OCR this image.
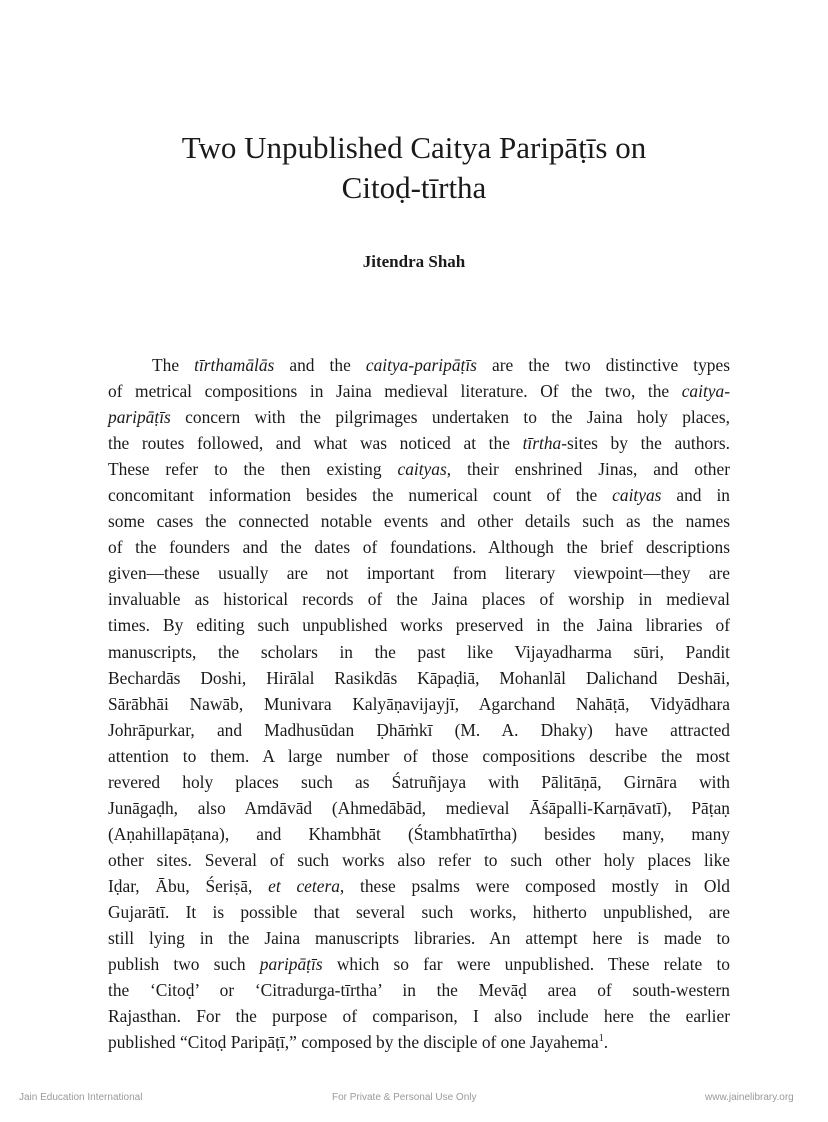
Two Unpublished Caitya Paripāṭīs on
Citoḍ-tīrtha
Jitendra Shah
The tīrthamālās and the caitya-paripāṭīs are the two distinctive types
of metrical compositions in Jaina medieval literature. Of the two, the caitya-
paripāṭīs concern with the pilgrimages undertaken to the Jaina holy places,
the routes followed, and what was noticed at the tīrtha-sites by the authors.
These refer to the then existing caityas, their enshrined Jinas, and other
concomitant information besides the numerical count of the caityas and in
some cases the connected notable events and other details such as the names
of the founders and the dates of foundations. Although the brief descriptions
given—these usually are not important from literary viewpoint—they are
invaluable as historical records of the Jaina places of worship in medieval
times. By editing such unpublished works preserved in the Jaina libraries of
manuscripts, the scholars in the past like Vijayadharma sūri, Pandit
Bechardās Doshi, Hirālal Rasikdās Kāpaḍiā, Mohanlāl Dalichand Deshāi,
Sārābhāi Nawāb, Munivara Kalyāṇavijayjī, Agarchand Nahāṭā, Vidyādhara
Johrāpurkar, and Madhusūdan Ḍhāṁkī (M. A. Dhaky) have attracted
attention to them. A large number of those compositions describe the most
revered holy places such as Śatruñjaya with Pālitāṇā, Girnāra with
Junāgaḍh, also Amdāvād (Ahmedābād, medieval Āśāpalli-Karṇāvatī), Pāṭaṇ
(Aṇahillapāṭana), and Khambhāt (Śtambhatīrtha) besides many, many
other sites. Several of such works also refer to such other holy places like
Iḍar, Ābu, Śeriṣā, et cetera, these psalms were composed mostly in Old
Gujarātī. It is possible that several such works, hitherto unpublished, are
still lying in the Jaina manuscripts libraries. An attempt here is made to
publish two such paripāṭīs which so far were unpublished. These relate to
the ‘Citoḍ’ or ‘Citradurga-tīrtha’ in the Mevāḍ area of south-western
Rajasthan. For the purpose of comparison, I also include here the earlier
published “Citoḍ Paripāṭī,” composed by the disciple of one Jayahema$^1$.
Jain Education International	For Private & Personal Use Only	www.jainelibrary.org
